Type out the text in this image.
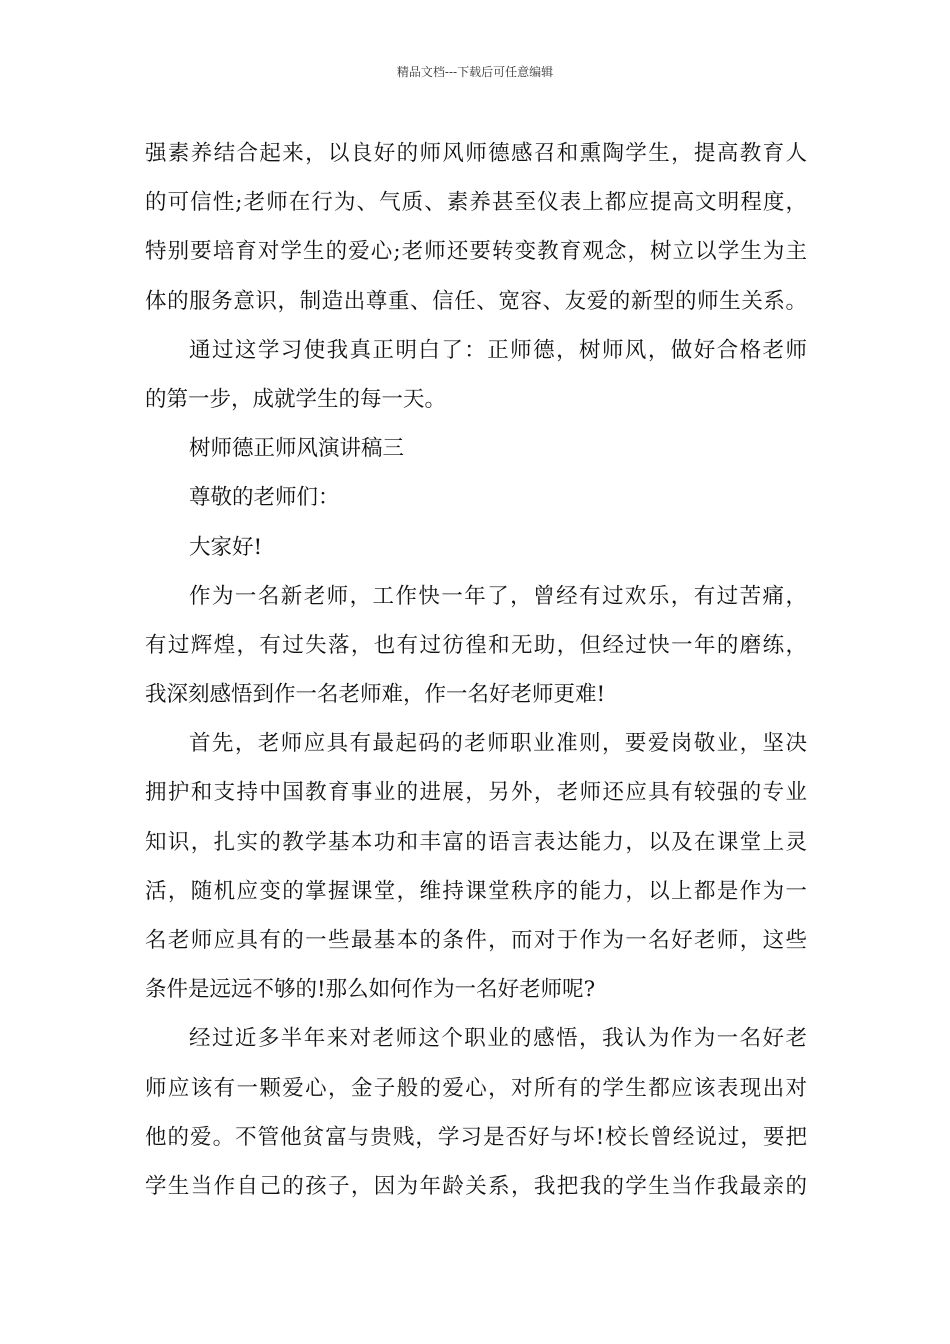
精品文档---下载后可任意编辑
强素养结合起来，以良好的师风师德感召和熏陶学生，提高教育人
的可信性;老师在行为、气质、素养甚至仪表上都应提高文明程度，
特别要培育对学生的爱心;老师还要转变教育观念，树立以学生为主
体的服务意识，制造出尊重、信任、宽容、友爱的新型的师生关系。
通过这学习使我真正明白了：正师德，树师风，做好合格老师
的第一步，成就学生的每一天。
树师德正师风演讲稿三
尊敬的老师们：
大家好!
作为一名新老师，工作快一年了，曾经有过欢乐，有过苦痛，
有过辉煌，有过失落，也有过彷徨和无助，但经过快一年的磨练，
我深刻感悟到作一名老师难，作一名好老师更难!
首先，老师应具有最起码的老师职业准则，要爱岗敬业，坚决
拥护和支持中国教育事业的进展，另外，老师还应具有较强的专业
知识，扎实的教学基本功和丰富的语言表达能力，以及在课堂上灵
活，随机应变的掌握课堂，维持课堂秩序的能力，以上都是作为一
名老师应具有的一些最基本的条件，而对于作为一名好老师，这些
条件是远远不够的!那么如何作为一名好老师呢?
经过近多半年来对老师这个职业的感悟，我认为作为一名好老
师应该有一颗爱心，金子般的爱心，对所有的学生都应该表现出对
他的爱。不管他贫富与贵贱，学习是否好与坏!校长曾经说过，要把
学生当作自己的孩子，因为年龄关系，我把我的学生当作我最亲的
